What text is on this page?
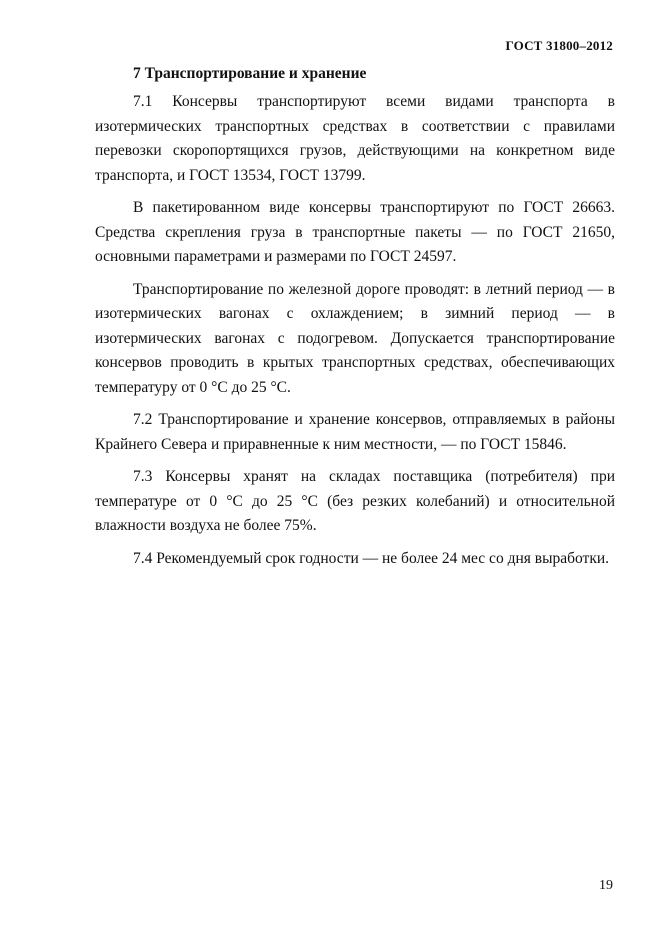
ГОСТ 31800–2012
7 Транспортирование и хранение

7.1 Консервы транспортируют всеми видами транспорта в изотермических транспортных средствах в соответствии с правилами перевозки скоропортящихся грузов, действующими на конкретном виде транспорта, и ГОСТ 13534, ГОСТ 13799.

В пакетированном виде консервы транспортируют по ГОСТ 26663. Средства скрепления груза в транспортные пакеты — по ГОСТ 21650, основными параметрами и размерами по ГОСТ 24597.

Транспортирование по железной дороге проводят: в летний период — в изотермических вагонах с охлаждением; в зимний период — в изотермических вагонах с подогревом. Допускается транспортирование консервов проводить в крытых транспортных средствах, обеспечивающих температуру от 0 °С до 25 °С.

7.2 Транспортирование и хранение консервов, отправляемых в районы Крайнего Севера и приравненные к ним местности, — по ГОСТ 15846.

7.3 Консервы хранят на складах поставщика (потребителя) при температуре от 0 °С до 25 °С (без резких колебаний) и относительной влажности воздуха не более 75%.

7.4 Рекомендуемый срок годности — не более 24 мес со дня выработки.

19
